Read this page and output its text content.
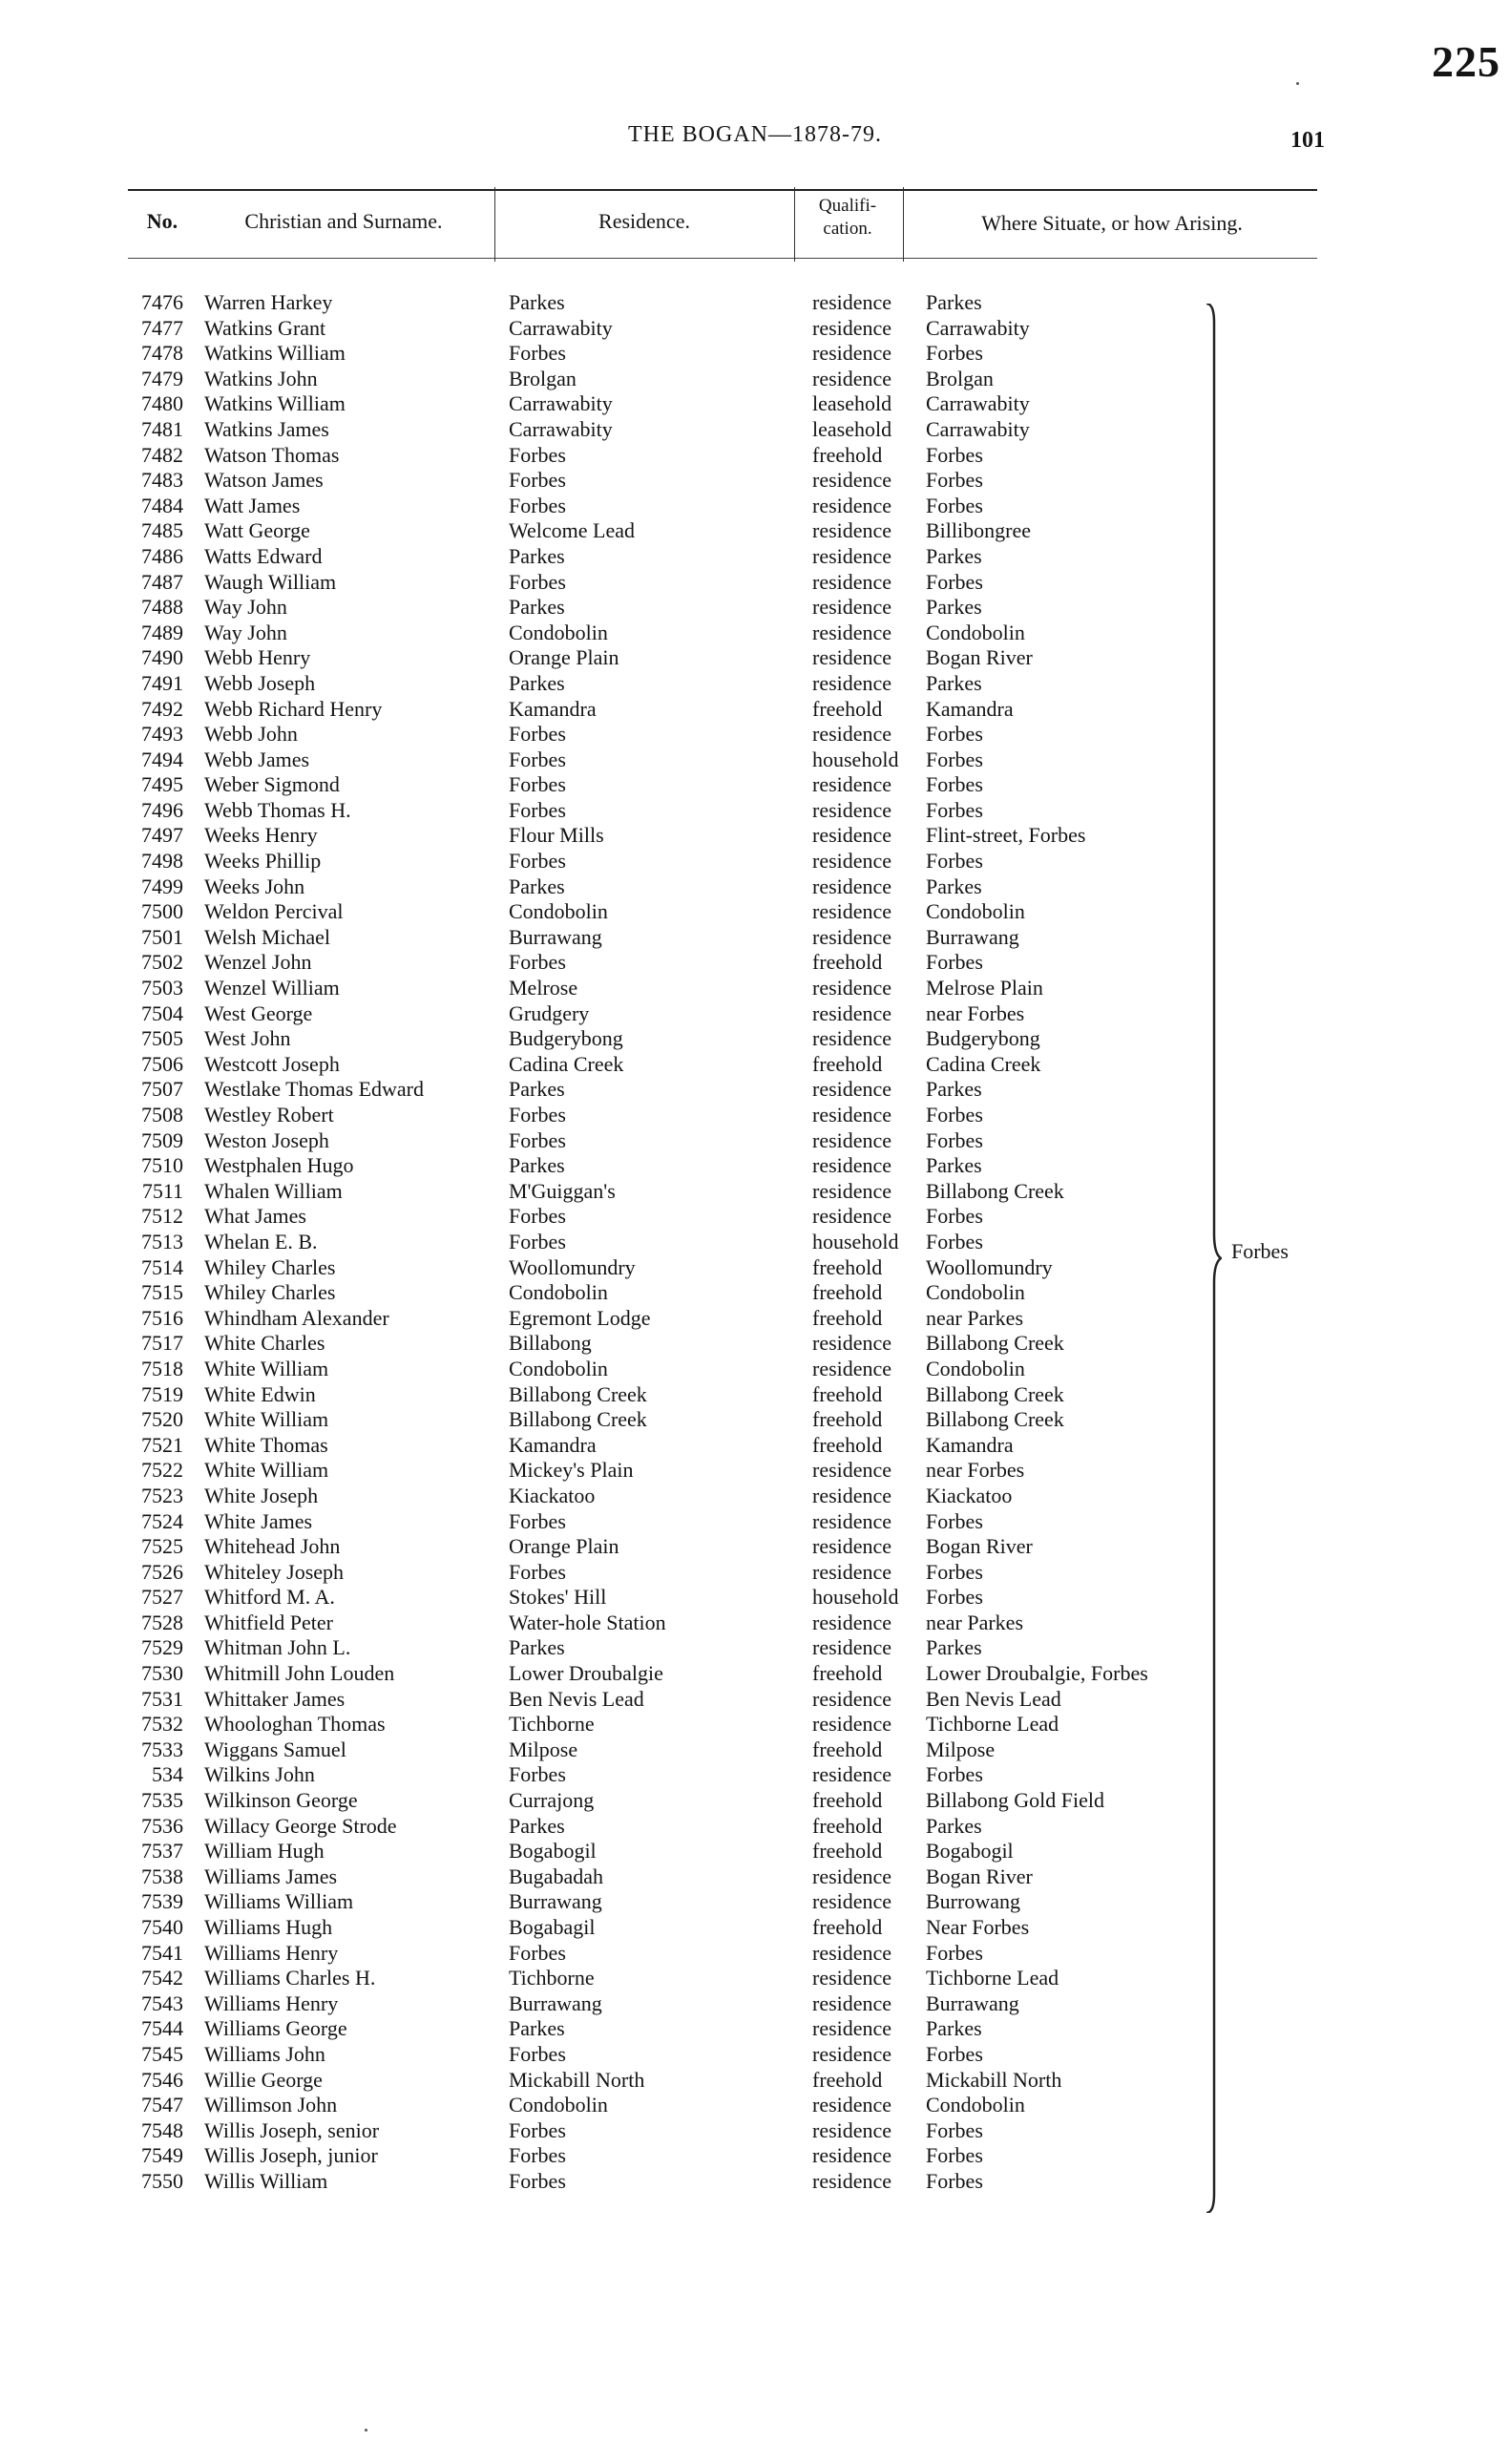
225
THE BOGAN—1878-79.	101
No.	Christian and Surname.	Residence.
Qualifi-
cation.	Where Situate, or how Arising.
7476 Warren Harkey	Parkes	residence	Parkes
7477 Watkins Grant	Carrawabity	residence	Carrawabity
7478 Watkins William	Forbes	residence	Forbes
7479 Watkins John	Brolgan	residence	Brolgan
7480 Watkins William	Carrawabity	leasehold	Carrawabity
7481 Watkins James	Carrawabity	leasehold	Carrawabity
7482 Watson Thomas	Forbes	freehold	Forbes
7483 Watson James	Forbes	residence	Forbes
7484 Watt James	Forbes	residence	Forbes
7485 Watt George	Welcome Lead	residence	Billibongree
7486 Watts Edward	Parkes	residence	Parkes
7487 Waugh William	Forbes	residence	Forbes
7488 Way John	Parkes	residence	Parkes
7489 Way John	Condobolin	residence	Condobolin
7490 Webb Henry	Orange Plain	residence	Bogan River
7491 Webb Joseph	Parkes	residence	Parkes
7492 Webb Richard Henry	Kamandra	freehold	Kamandra
7493 Webb John	Forbes	residence	Forbes
7494 Webb James	Forbes	household	Forbes
7495 Weber Sigmond	Forbes	residence	Forbes
7496 Webb Thomas H.	Forbes	residence	Forbes
7497 Weeks Henry	Flour Mills	residence	Flint-street, Forbes
7498 Weeks Phillip	Forbes	residence	Forbes
7499 Weeks John	Parkes	residence	Parkes
7500 Weldon Percival	Condobolin	residence	Condobolin
7501 Welsh Michael	Burrawang	residence	Burrawang
7502 Wenzel John	Forbes	freehold	Forbes
7503 Wenzel William	Melrose	residence	Melrose Plain
7504 West George	Grudgery	residence	near Forbes
7505 West John	Budgerybong	residence	Budgerybong
7506 Westcott Joseph	Cadina Creek	freehold	Cadina Creek
7507 Westlake Thomas Edward	Parkes	residence	Parkes
7508 Westley Robert	Forbes	residence	Forbes
7509 Weston Joseph	Forbes	residence	Forbes
7510 Westphalen Hugo	Parkes	residence	Parkes
7511 Whalen William	M'Guiggan's	residence	Billabong Creek
7512 What James	Forbes	residence	Forbes
7513 Whelan E. B.	Forbes	household	Forbes
7514 Whiley Charles	Woollomundry	freehold	Woollomundry
7515 Whiley Charles	Condobolin	freehold	Condobolin
7516 Whindham Alexander	Egremont Lodge	freehold	near Parkes
7517 White Charles	Billabong	residence	Billabong Creek
7518 White William	Condobolin	residence	Condobolin
7519 White Edwin	Billabong Creek	freehold	Billabong Creek
7520 White William	Billabong Creek	freehold	Billabong Creek
7521 White Thomas	Kamandra	freehold	Kamandra
7522 White William	Mickey's Plain	residence	near Forbes
7523 White Joseph	Kiackatoo	residence	Kiackatoo
7524 White James	Forbes	residence	Forbes
7525 Whitehead John	Orange Plain	residence	Bogan River
7526 Whiteley Joseph	Forbes	residence	Forbes
7527 Whitford M. A.	Stokes' Hill	household	Forbes
7528 Whitfield Peter	Water-hole Station	residence	near Parkes
7529 Whitman John L.	Parkes	residence	Parkes
7530 Whitmill John Louden	Lower Droubalgie	freehold	Lower Droubalgie, Forbes
7531 Whittaker James	Ben Nevis Lead	residence	Ben Nevis Lead
7532 Whoologhan Thomas	Tichborne	residence	Tichborne Lead
7533 Wiggans Samuel	Milpose	freehold	Milpose
534 Wilkins John	Forbes	residence	Forbes
7535 Wilkinson George	Currajong	freehold	Billabong Gold Field
7536 Willacy George Strode	Parkes	freehold	Parkes
7537 William Hugh	Bogabogil	freehold	Bogabogil
7538 Williams James	Bugabadah	residence	Bogan River
7539 Williams William	Burrawang	residence	Burrowang
7540 Williams Hugh	Bogabagil	freehold	Near Forbes
7541 Williams Henry	Forbes	residence	Forbes
7542 Williams Charles H.	Tichborne	residence	Tichborne Lead
7543 Williams Henry	Burrawang	residence	Burrawang
7544 Williams George	Parkes	residence	Parkes
7545 Williams John	Forbes	residence	Forbes
7546 Willie George	Mickabill North	freehold	Mickabill North
7547 Willimson John	Condobolin	residence	Condobolin
7548 Willis Joseph, senior	Forbes	residence	Forbes
7549 Willis Joseph, junior	Forbes	residence	Forbes
7550 Willis William	Forbes	residence	Forbes
Forbes
